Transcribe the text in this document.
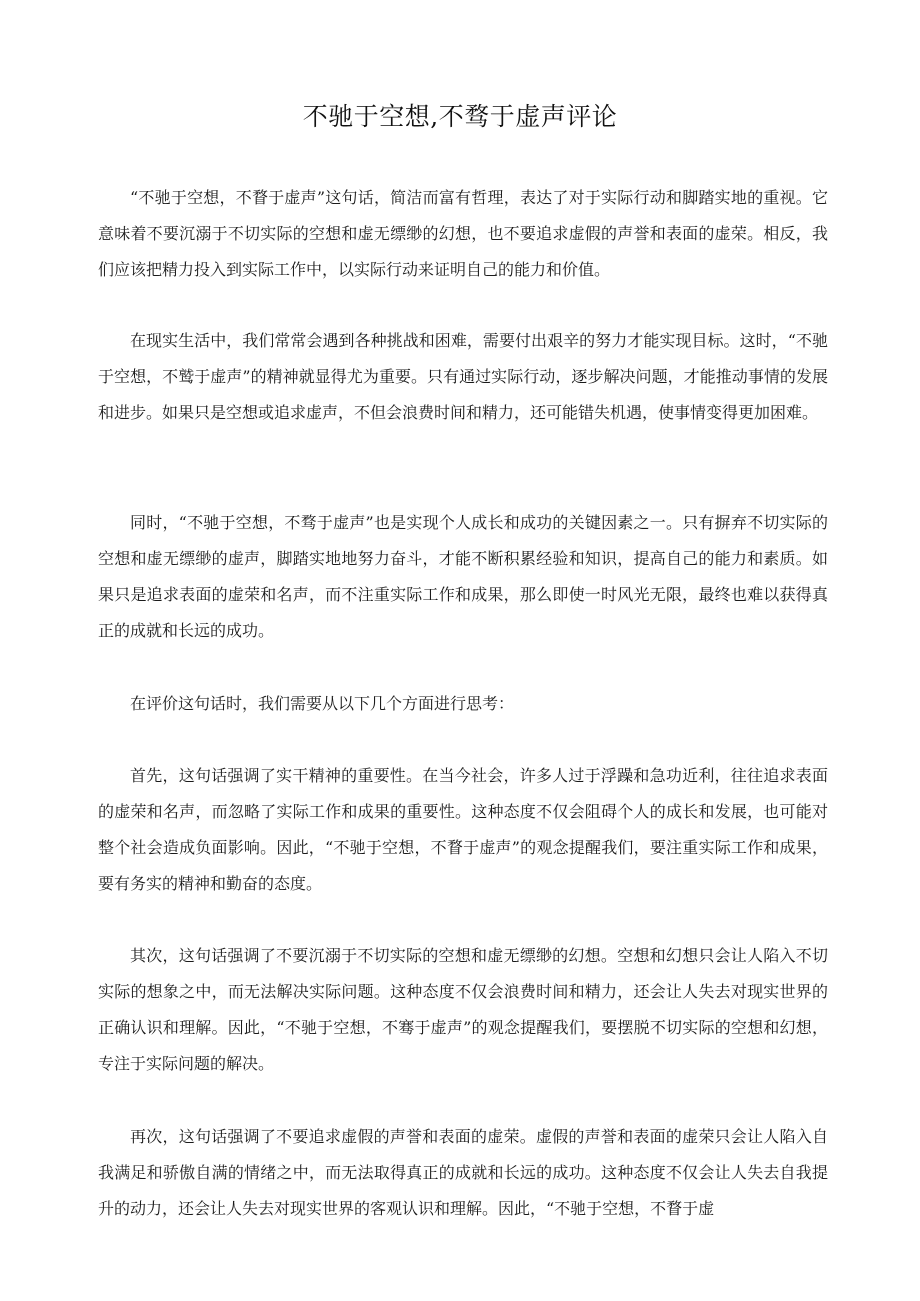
不驰于空想,不骛于虚声评论

“不驰于空想，不瞀于虚声”这句话，简洁而富有哲理，表达了对于实际行动和脚踏实地的重视。它意味着不要沉溺于不切实际的空想和虚无缥缈的幻想，也不要追求虚假的声誉和表面的虚荣。相反，我们应该把精力投入到实际工作中，以实际行动来证明自己的能力和价值。

在现实生活中，我们常常会遇到各种挑战和困难，需要付出艰辛的努力才能实现目标。这时，“不驰于空想，不鹫于虚声”的精神就显得尤为重要。只有通过实际行动，逐步解决问题，才能推动事情的发展和进步。如果只是空想或追求虚声，不但会浪费时间和精力，还可能错失机遇，使事情变得更加困难。

同时，“不驰于空想，不骛于虚声”也是实现个人成长和成功的关键因素之一。只有摒弃不切实际的空想和虚无缥缈的虚声，脚踏实地地努力奋斗，才能不断积累经验和知识，提高自己的能力和素质。如果只是追求表面的虚荣和名声，而不注重实际工作和成果，那么即使一时风光无限，最终也难以获得真正的成就和长远的成功。

在评价这句话时，我们需要从以下几个方面进行思考：

首先，这句话强调了实干精神的重要性。在当今社会，许多人过于浮躁和急功近利，往往追求表面的虚荣和名声，而忽略了实际工作和成果的重要性。这种态度不仅会阻碍个人的成长和发展，也可能对整个社会造成负面影响。因此，“不驰于空想，不瞀于虚声”的观念提醒我们，要注重实际工作和成果，要有务实的精神和勤奋的态度。

其次，这句话强调了不要沉溺于不切实际的空想和虚无缥缈的幻想。空想和幻想只会让人陷入不切实际的想象之中，而无法解决实际问题。这种态度不仅会浪费时间和精力，还会让人失去对现实世界的正确认识和理解。因此，“不驰于空想，不骞于虚声”的观念提醒我们，要摆脱不切实际的空想和幻想，专注于实际问题的解决。

再次，这句话强调了不要追求虚假的声誉和表面的虚荣。虚假的声誉和表面的虚荣只会让人陷入自我满足和骄傲自满的情绪之中，而无法取得真正的成就和长远的成功。这种态度不仅会让人失去自我提升的动力，还会让人失去对现实世界的客观认识和理解。因此，“不驰于空想，不瞀于虚
